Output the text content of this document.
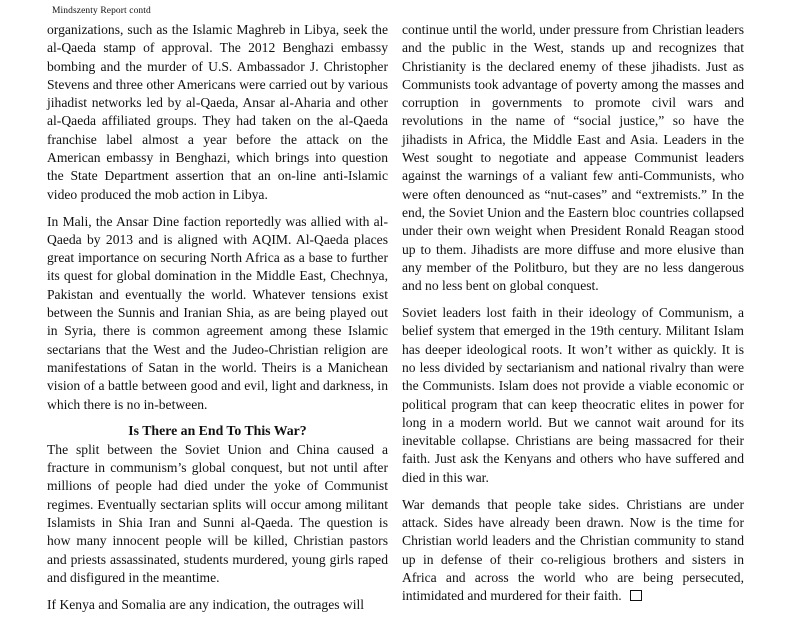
Mindszenty Report contd

organizations, such as the Islamic Maghreb in Libya, seek the al-Qaeda stamp of approval. The 2012 Benghazi embassy bombing and the murder of U.S. Ambassador J. Christopher Stevens and three other Americans were carried out by various jihadist networks led by al-Qaeda, Ansar al-Aharia and other al-Qaeda affiliated groups. They had taken on the al-Qaeda franchise label almost a year before the attack on the American embassy in Benghazi, which brings into question the State Department assertion that an on-line anti-Islamic video produced the mob action in Libya.

In Mali, the Ansar Dine faction reportedly was allied with al-Qaeda by 2013 and is aligned with AQIM. Al-Qaeda places great importance on securing North Africa as a base to further its quest for global domination in the Middle East, Chechnya, Pakistan and eventually the world. Whatever tensions exist between the Sunnis and Iranian Shia, as are being played out in Syria, there is common agreement among these Islamic sectarians that the West and the Judeo-Christian religion are manifestations of Satan in the world. Theirs is a Manichean vision of a battle between good and evil, light and darkness, in which there is no in-between.

Is There an End To This War?

The split between the Soviet Union and China caused a fracture in communism’s global conquest, but not until after millions of people had died under the yoke of Communist regimes. Eventually sectarian splits will occur among militant Islamists in Shia Iran and Sunni al-Qaeda. The question is how many innocent people will be killed, Christian pastors and priests assassinated, students murdered, young girls raped and disfigured in the meantime.

If Kenya and Somalia are any indication, the outrages will

continue until the world, under pressure from Christian leaders and the public in the West, stands up and recognizes that Christianity is the declared enemy of these jihadists. Just as Communists took advantage of poverty among the masses and corruption in governments to promote civil wars and revolutions in the name of “social justice,” so have the jihadists in Africa, the Middle East and Asia. Leaders in the West sought to negotiate and appease Communist leaders against the warnings of a valiant few anti-Communists, who were often denounced as “nut-cases” and “extremists.” In the end, the Soviet Union and the Eastern bloc countries collapsed under their own weight when President Ronald Reagan stood up to them. Jihadists are more diffuse and more elusive than any member of the Politburo, but they are no less dangerous and no less bent on global conquest.

Soviet leaders lost faith in their ideology of Communism, a belief system that emerged in the 19th century. Militant Islam has deeper ideological roots. It won’t wither as quickly. It is no less divided by sectarianism and national rivalry than were the Communists. Islam does not provide a viable economic or political program that can keep theocratic elites in power for long in a modern world. But we cannot wait around for its inevitable collapse. Christians are being massacred for their faith. Just ask the Kenyans and others who have suffered and died in this war.

War demands that people take sides. Christians are under attack. Sides have already been drawn. Now is the time for Christian world leaders and the Christian community to stand up in defense of their co-religious brothers and sisters in Africa and across the world who are being persecuted, intimidated and murdered for their faith.
